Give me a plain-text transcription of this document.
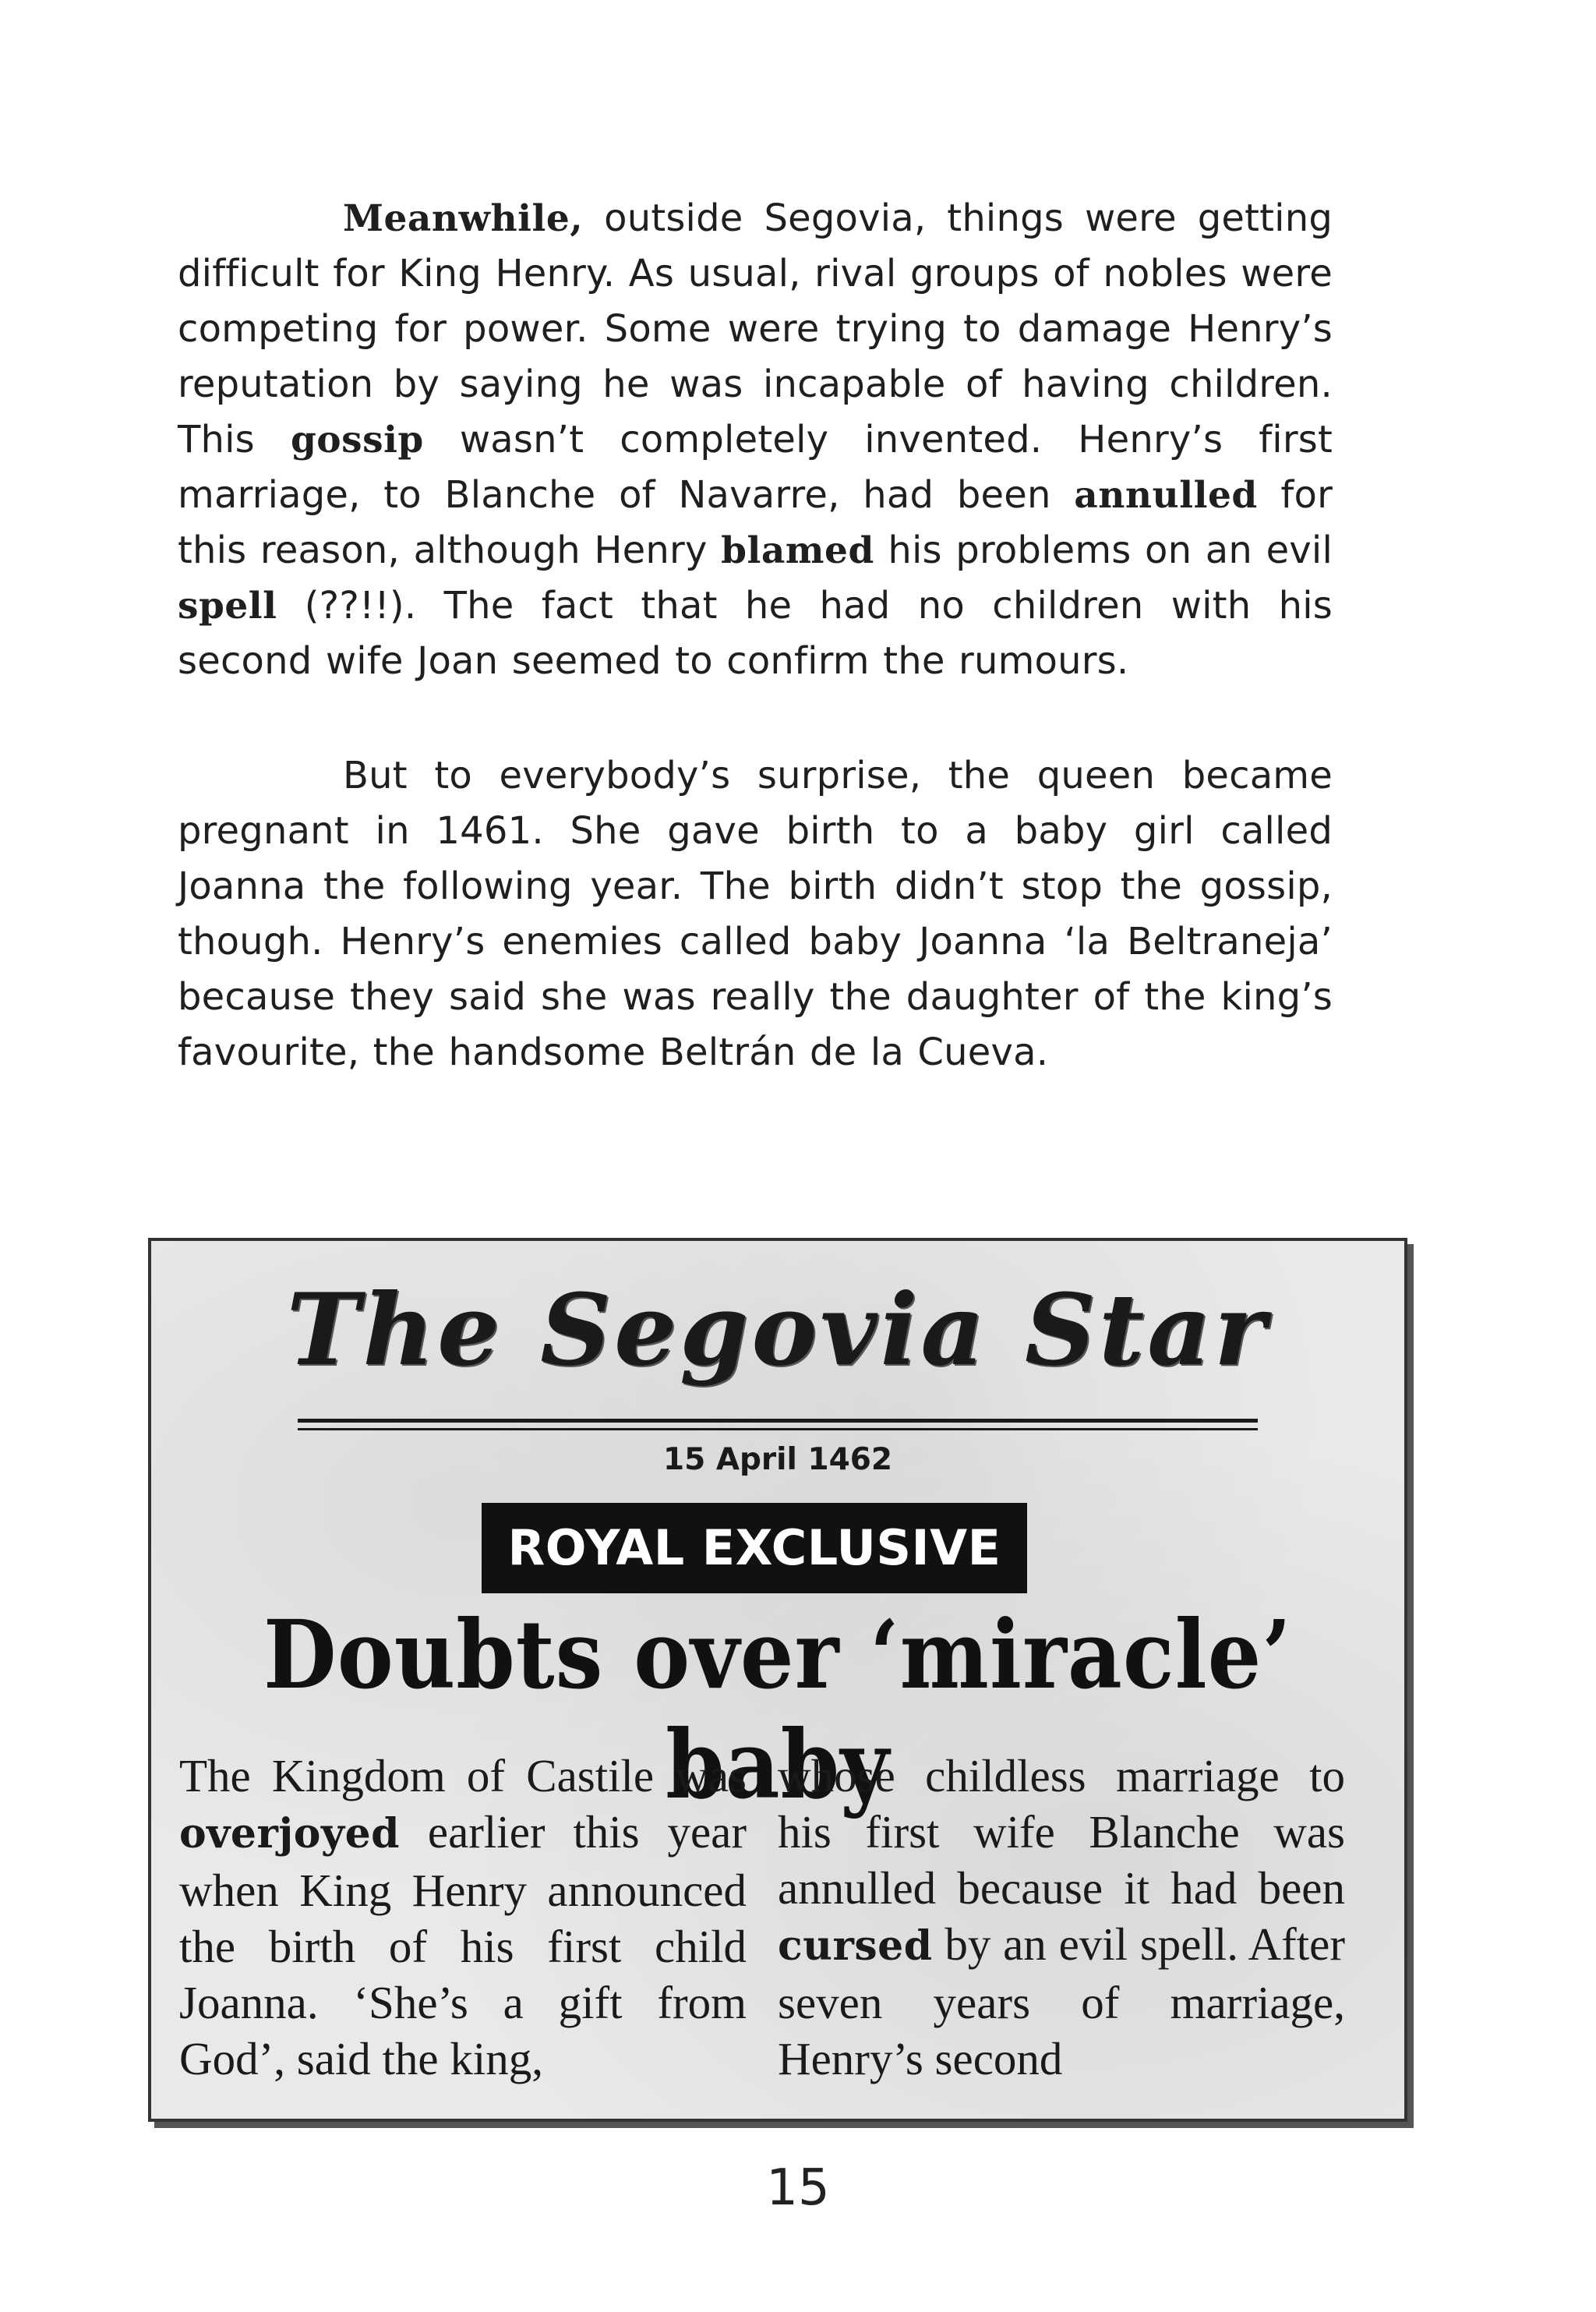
Meanwhile, outside Segovia, things were getting difficult for King Henry. As usual, rival groups of nobles were competing for power. Some were trying to damage Henry’s reputation by saying he was incapable of having children. This gossip wasn’t completely invented. Henry’s first marriage, to Blanche of Navarre, had been annulled for this reason, although Henry blamed his problems on an evil spell (??!!). The fact that he had no children with his second wife Joan seemed to confirm the rumours.

But to everybody’s surprise, the queen became pregnant in 1461. She gave birth to a baby girl called Joanna the following year. The birth didn’t stop the gossip, though. Henry’s enemies called baby Joanna ‘la Beltraneja’ because they said she was really the daughter of the king’s favourite, the handsome Beltrán de la Cueva.

The Segovia Star
15 April 1462
ROYAL EXCLUSIVE
Doubts over ‘miracle’ baby

The Kingdom of Castile was overjoyed earlier this year when King Henry announced the birth of his first child Joanna. ‘She’s a gift from God’, said the king,

whose childless marriage to his first wife Blanche was annulled because it had been cursed by an evil spell. After seven years of marriage, Henry’s second

15
